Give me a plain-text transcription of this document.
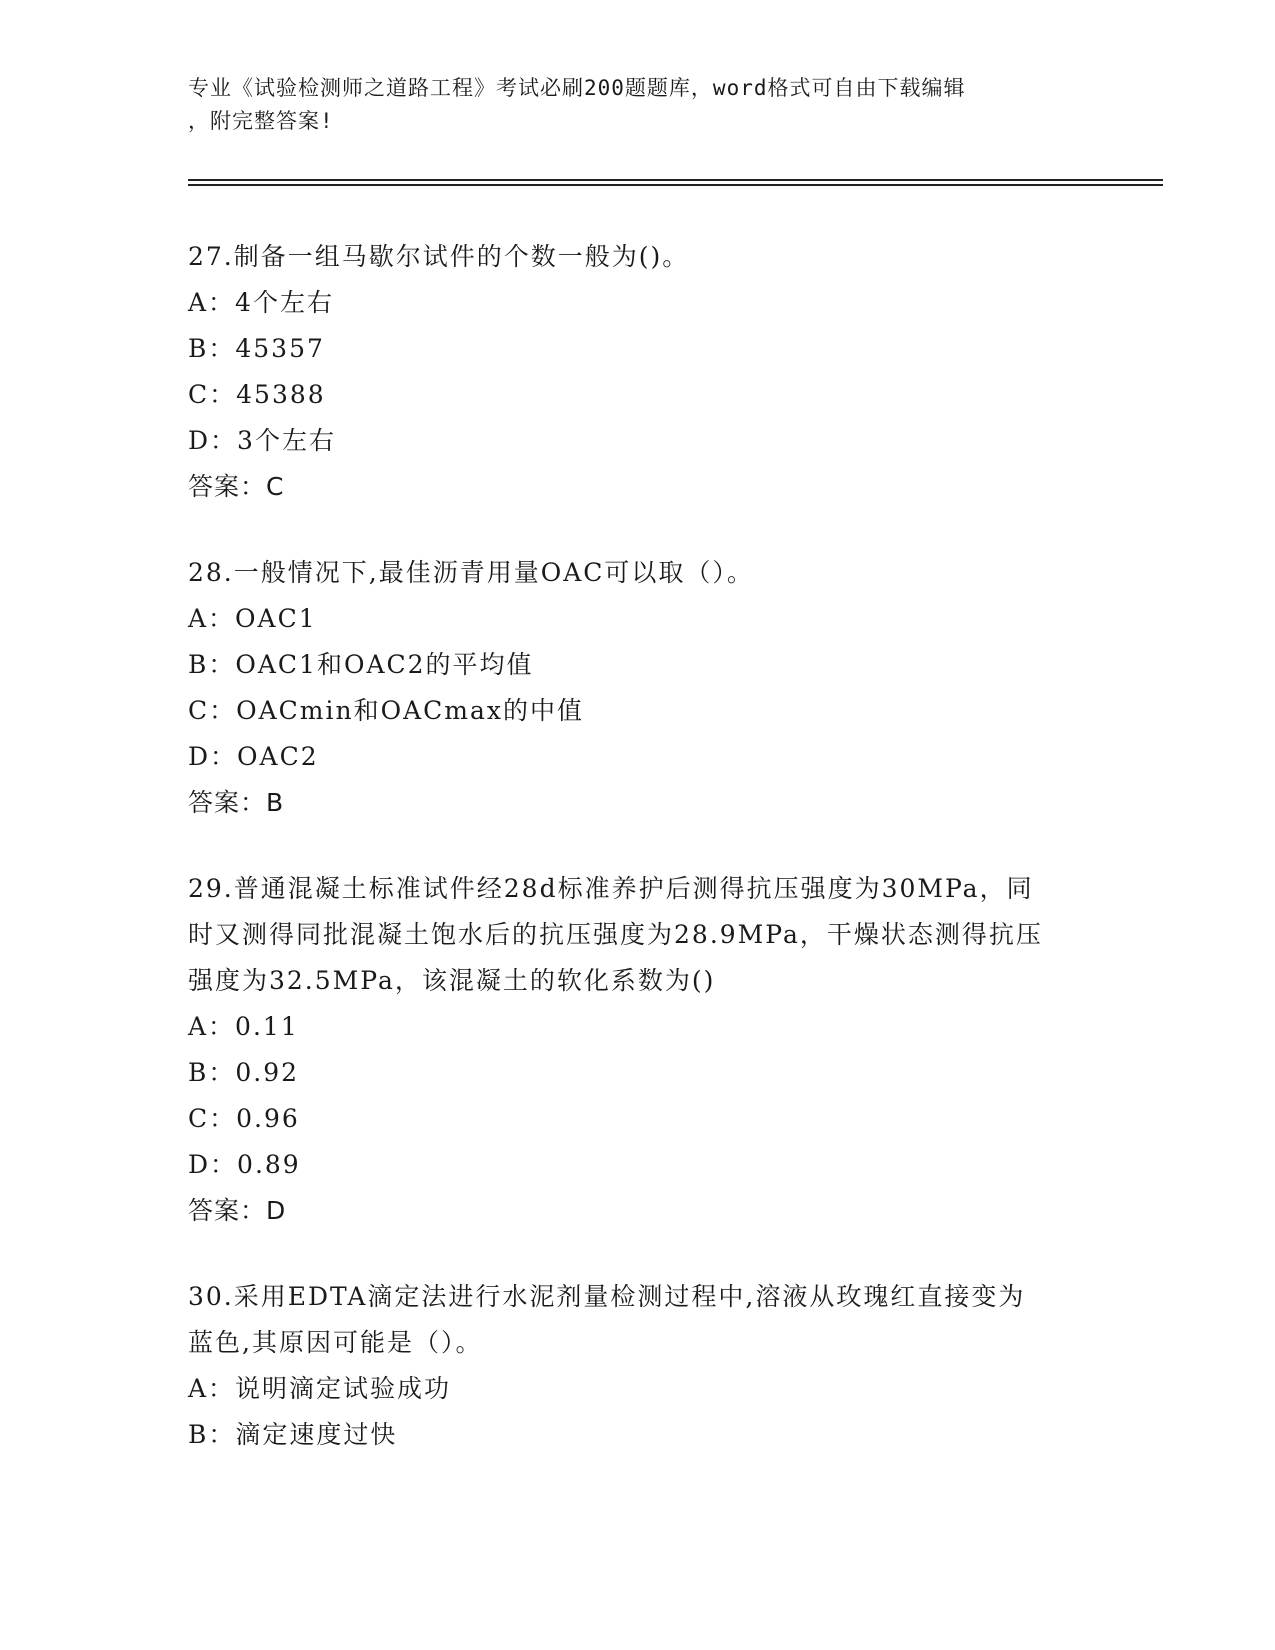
专业《试验检测师之道路工程》考试必刷200题题库，word格式可自由下载编辑
，附完整答案!
27.制备一组马歇尔试件的个数一般为()。
A：4个左右
B：45357
C：45388
D：3个左右
答案：C
28.一般情况下,最佳沥青用量OAC可以取（）。
A：OAC1
B：OAC1和OAC2的平均值
C：OACmin和OACmax的中值
D：OAC2
答案：B
29.普通混凝土标准试件经28d标准养护后测得抗压强度为30MPa，同
时又测得同批混凝土饱水后的抗压强度为28.9MPa，干燥状态测得抗压
强度为32.5MPa，该混凝土的软化系数为()
A：0.11
B：0.92
C：0.96
D：0.89
答案：D
30.采用EDTA滴定法进行水泥剂量检测过程中,溶液从玫瑰红直接变为
蓝色,其原因可能是（）。
A：说明滴定试验成功
B：滴定速度过快
